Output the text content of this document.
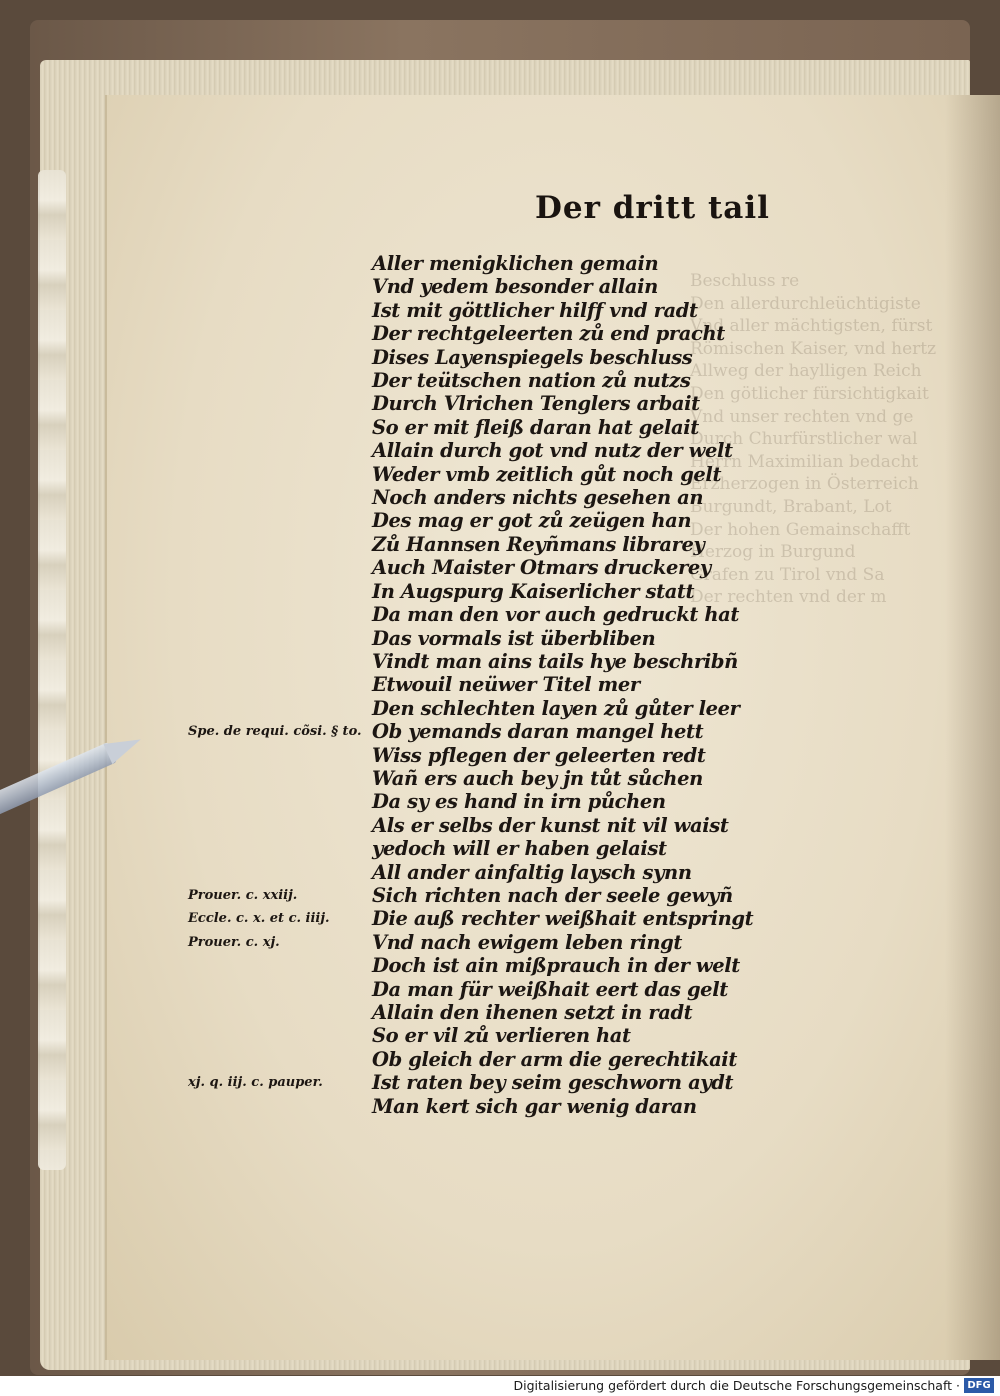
Der dritt tail
Aller menigklichen gemain
Vnd yedem besonder allain
Ist mit göttlicher hilff vnd radt
Der rechtgeleerten zů end pracht
Dises Layenspiegels beschluss
Der teütschen nation zů nutzs
Durch Vlrichen Tenglers arbait
So er mit fleiß daran hat gelait
Allain durch got vnd nutz der welt
Weder vmb zeitlich gůt noch gelt
Noch anders nichts gesehen an
Des mag er got zů zeügen han
Zů Hannsen Reyñmans librarey
Auch Maister Otmars druckerey
In Augspurg Kaiserlicher statt
Da man den vor auch gedruckt hat
Das vormals ist überbliben
Vindt man ains tails hye beschribñ
Etwouil neüwer Titel mer
Den schlechten layen zů gůter leer
Ob yemands daran mangel hett
Wiss pflegen der geleerten redt
Wañ ers auch bey jn tůt sůchen
Da sy es hand in irn půchen
Als er selbs der kunst nit vil waist
yedoch will er haben gelaist
All ander ainfaltig laysch synn
Sich richten nach der seele gewyñ
Die auß rechter weißhait entspringt
Vnd nach ewigem leben ringt
Doch ist ain mißprauch in der welt
Da man für weißhait eert das gelt
Allain den ihenen setzt in radt
So er vil zů verlieren hat
Ob gleich der arm die gerechtikait
Ist raten bey seim geschworn aydt
Man kert sich gar wenig daran
Spe. de requi. cõsi. § to.
Prouer. c. xxiij.
Eccle. c. x. et c. iiij.
Prouer. c. xj.
xj. q. iij. c. pauper.
Digitalisierung gefördert durch die Deutsche Forschungsgemeinschaft · DFG
